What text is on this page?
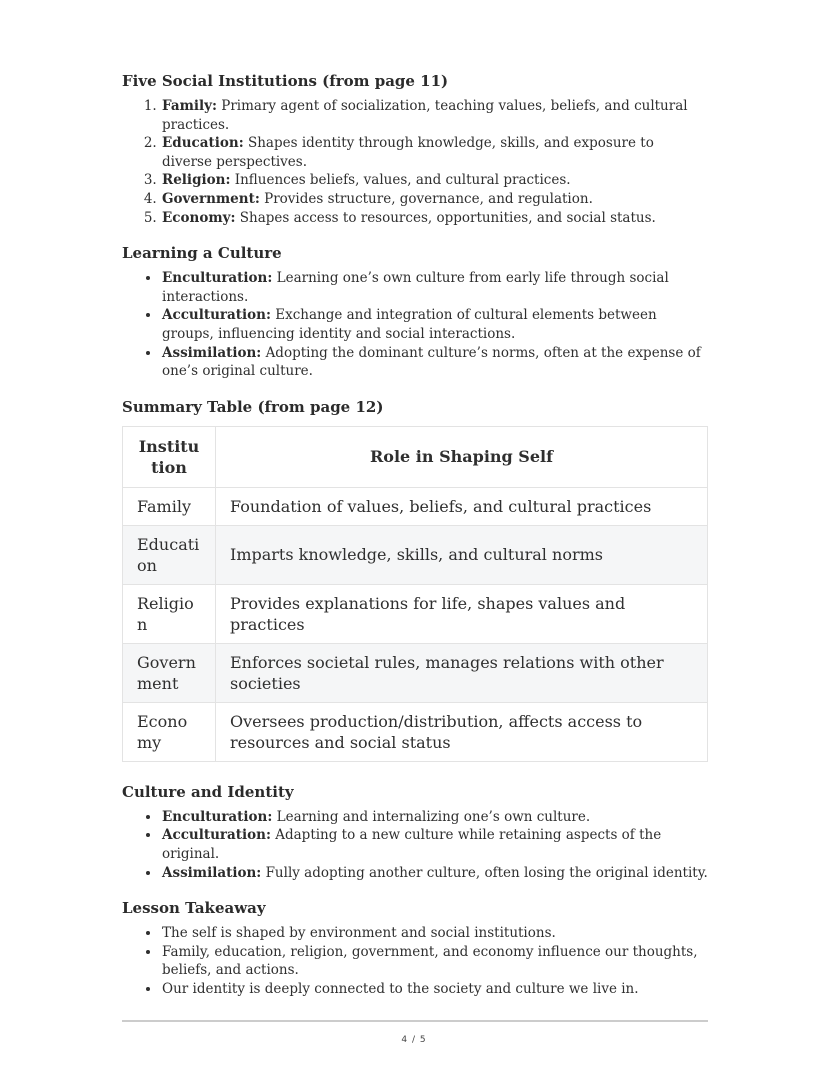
Five Social Institutions (from page 11)
1. Family: Primary agent of socialization, teaching values, beliefs, and cultural practices.
2. Education: Shapes identity through knowledge, skills, and exposure to diverse perspectives.
3. Religion: Influences beliefs, values, and cultural practices.
4. Government: Provides structure, governance, and regulation.
5. Economy: Shapes access to resources, opportunities, and social status.
Learning a Culture
• Enculturation: Learning one’s own culture from early life through social interactions.
• Acculturation: Exchange and integration of cultural elements between groups, influencing identity and social interactions.
• Assimilation: Adopting the dominant culture’s norms, often at the expense of one’s original culture.
Summary Table (from page 12)
Institution	Role in Shaping Self
Family	Foundation of values, beliefs, and cultural practices
Education	Imparts knowledge, skills, and cultural norms
Religion	Provides explanations for life, shapes values and practices
Government	Enforces societal rules, manages relations with other societies
Economy	Oversees production/distribution, affects access to resources and social status
Culture and Identity
• Enculturation: Learning and internalizing one’s own culture.
• Acculturation: Adapting to a new culture while retaining aspects of the original.
• Assimilation: Fully adopting another culture, often losing the original identity.
Lesson Takeaway
• The self is shaped by environment and social institutions.
• Family, education, religion, government, and economy influence our thoughts, beliefs, and actions.
• Our identity is deeply connected to the society and culture we live in.
4 / 5
